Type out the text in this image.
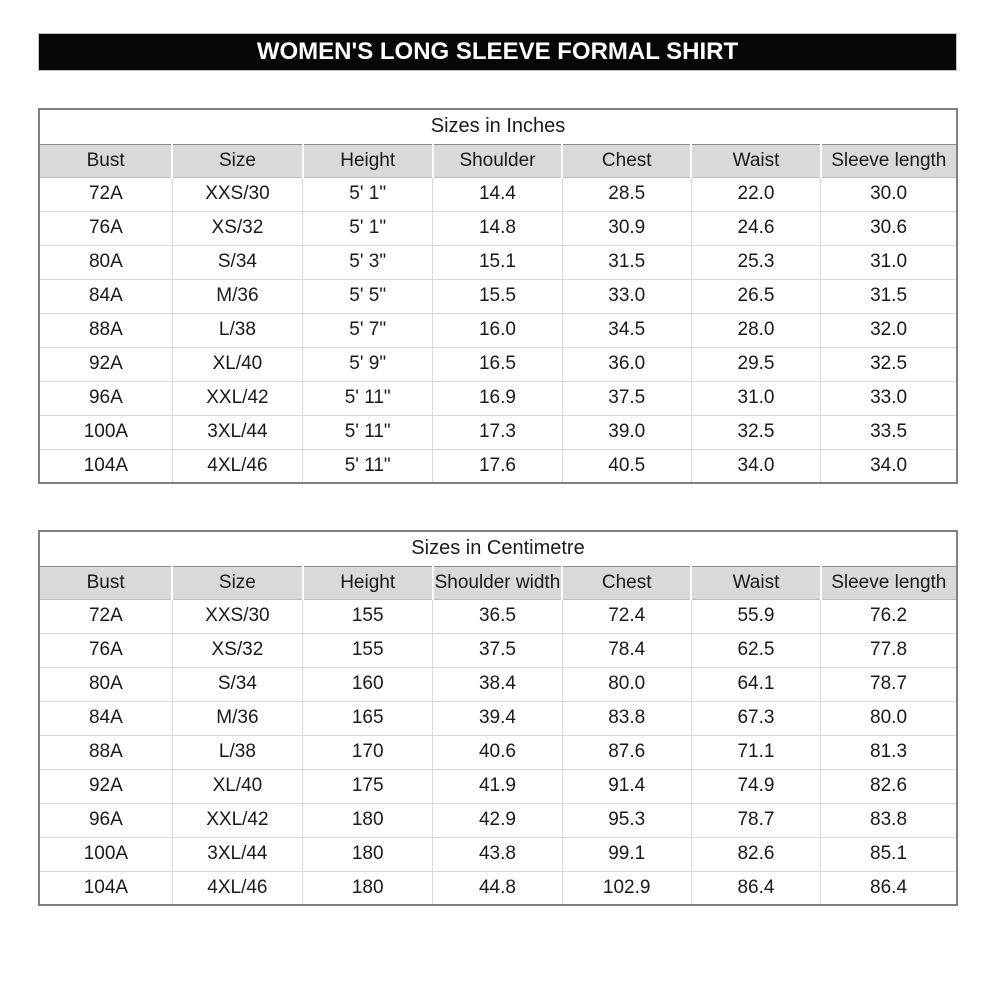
WOMEN'S LONG SLEEVE FORMAL SHIRT
Sizes in Inches						
Bust	Size	Height	Shoulder	Chest	Waist	Sleeve length
72A	XXS/30	5' 1"	14.4	28.5	22.0	30.0
76A	XS/32	5' 1"	14.8	30.9	24.6	30.6
80A	S/34	5' 3"	15.1	31.5	25.3	31.0
84A	M/36	5' 5"	15.5	33.0	26.5	31.5
88A	L/38	5' 7"	16.0	34.5	28.0	32.0
92A	XL/40	5' 9"	16.5	36.0	29.5	32.5
96A	XXL/42	5' 11"	16.9	37.5	31.0	33.0
100A	3XL/44	5' 11"	17.3	39.0	32.5	33.5
104A	4XL/46	5' 11"	17.6	40.5	34.0	34.0
Sizes in Centimetre						
Bust	Size	Height	Shoulder width	Chest	Waist	Sleeve length
72A	XXS/30	155	36.5	72.4	55.9	76.2
76A	XS/32	155	37.5	78.4	62.5	77.8
80A	S/34	160	38.4	80.0	64.1	78.7
84A	M/36	165	39.4	83.8	67.3	80.0
88A	L/38	170	40.6	87.6	71.1	81.3
92A	XL/40	175	41.9	91.4	74.9	82.6
96A	XXL/42	180	42.9	95.3	78.7	83.8
100A	3XL/44	180	43.8	99.1	82.6	85.1
104A	4XL/46	180	44.8	102.9	86.4	86.4
